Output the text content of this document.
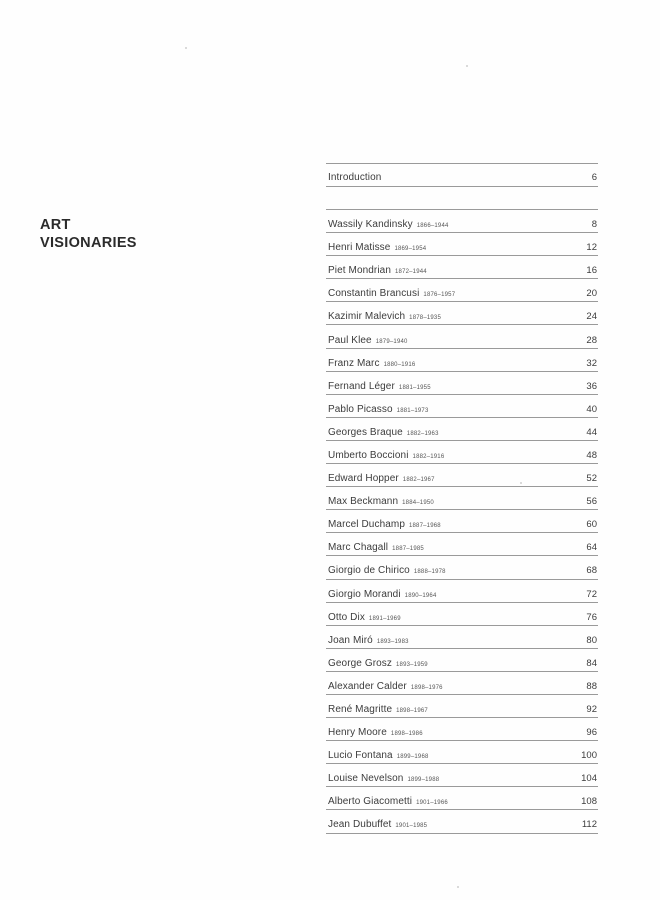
ART
VISIONARIES
Introduction	6
Wassily Kandinsky 1866–1944	8
Henri Matisse 1869–1954	12
Piet Mondrian 1872–1944	16
Constantin Brancusi 1876–1957	20
Kazimir Malevich 1878–1935	24
Paul Klee 1879–1940	28
Franz Marc 1880–1916	32
Fernand Léger 1881–1955	36
Pablo Picasso 1881–1973	40
Georges Braque 1882–1963	44
Umberto Boccioni 1882–1916	48
Edward Hopper 1882–1967	52
Max Beckmann 1884–1950	56
Marcel Duchamp 1887–1968	60
Marc Chagall 1887–1985	64
Giorgio de Chirico 1888–1978	68
Giorgio Morandi 1890–1964	72
Otto Dix 1891–1969	76
Joan Miró 1893–1983	80
George Grosz 1893–1959	84
Alexander Calder 1898–1976	88
René Magritte 1898–1967	92
Henry Moore 1898–1986	96
Lucio Fontana 1899–1968	100
Louise Nevelson 1899–1988	104
Alberto Giacometti 1901–1966	108
Jean Dubuffet 1901–1985	112
